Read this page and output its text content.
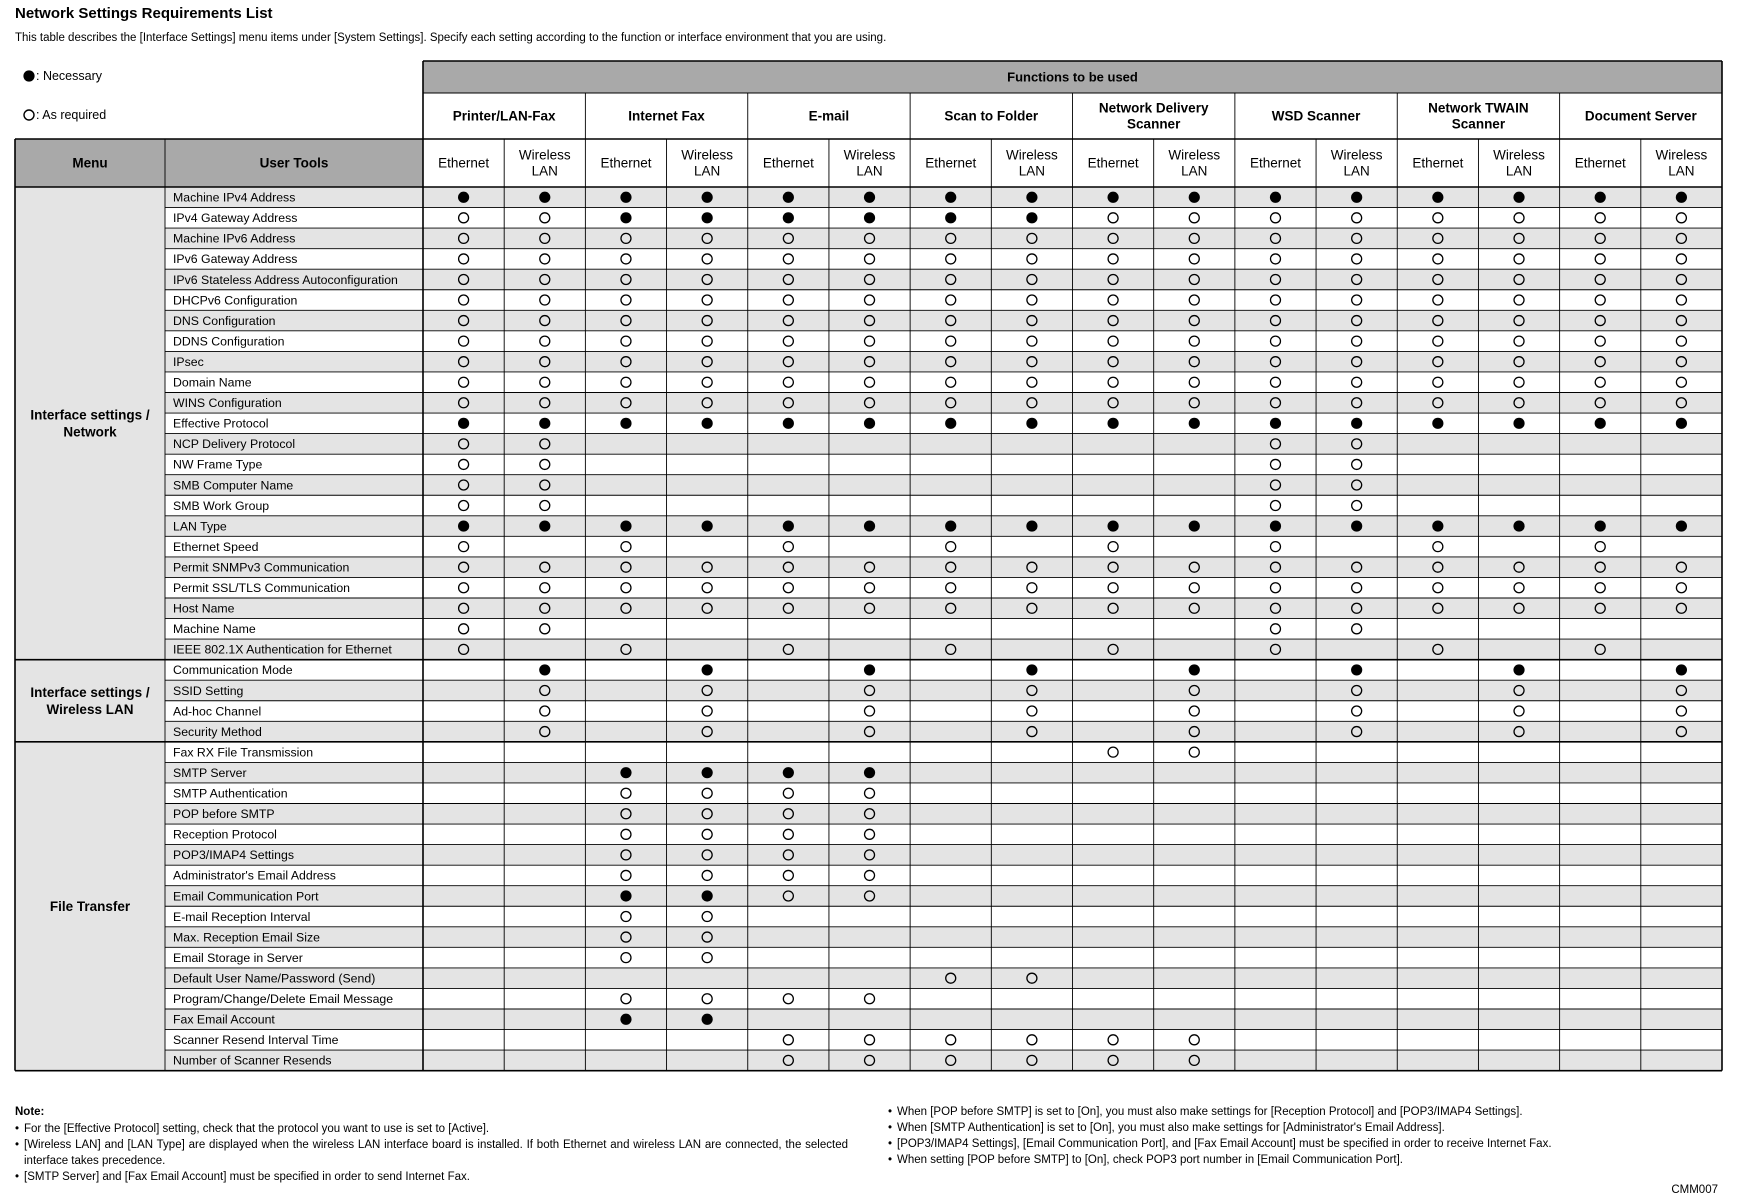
Network Settings Requirements List
This table describes the [Interface Settings] menu items under [System Settings]. Specify each setting according to the function or interface environment that you are using.
: Necessary
: As required
Functions to be used
Menu	User Tools
Printer/LAN-Fax
Ethernet
Wireless
LAN
Internet Fax
Ethernet
Wireless
LAN
E-mail
Ethernet
Wireless
LAN
Scan to Folder
Ethernet
Wireless
LAN
Network Delivery
Scanner
Ethernet
Wireless
LAN
WSD Scanner
Ethernet
Wireless
LAN
Network TWAIN
Scanner
Ethernet
Wireless
LAN
Document Server
Ethernet
Wireless
LAN
Interface settings /
Network
Interface settings /
Wireless LAN
File Transfer
Machine IPv4 Address
IPv4 Gateway Address
Machine IPv6 Address
IPv6 Gateway Address
IPv6 Stateless Address Autoconfiguration
DHCPv6 Configuration
DNS Configuration
DDNS Configuration
IPsec
Domain Name
WINS Configuration
Effective Protocol
NCP Delivery Protocol
NW Frame Type
SMB Computer Name
SMB Work Group
LAN Type
Ethernet Speed
Permit SNMPv3 Communication
Permit SSL/TLS Communication
Host Name
Machine Name
IEEE 802.1X Authentication for Ethernet
Communication Mode
SSID Setting
Ad-hoc Channel
Security Method
Fax RX File Transmission
SMTP Server
SMTP Authentication
POP before SMTP
Reception Protocol
POP3/IMAP4 Settings
Administrator's Email Address
Email Communication Port
E-mail Reception Interval
Max. Reception Email Size
Email Storage in Server
Default User Name/Password (Send)
Program/Change/Delete Email Message
Fax Email Account
Scanner Resend Interval Time
Number of Scanner Resends
Note:
• For the [Effective Protocol] setting, check that the protocol you want to use is set to [Active].
• [Wireless LAN] and [LAN Type] are displayed when the wireless LAN interface board is installed. If both Ethernet and wireless LAN are connected, the selected interface takes precedence.
• [SMTP Server] and [Fax Email Account] must be specified in order to send Internet Fax.
• When [POP before SMTP] is set to [On], you must also make settings for [Reception Protocol] and [POP3/IMAP4 Settings].
• When [SMTP Authentication] is set to [On], you must also make settings for [Administrator's Email Address].
• [POP3/IMAP4 Settings], [Email Communication Port], and [Fax Email Account] must be specified in order to receive Internet Fax.
• When setting [POP before SMTP] to [On], check POP3 port number in [Email Communication Port].
CMM007
